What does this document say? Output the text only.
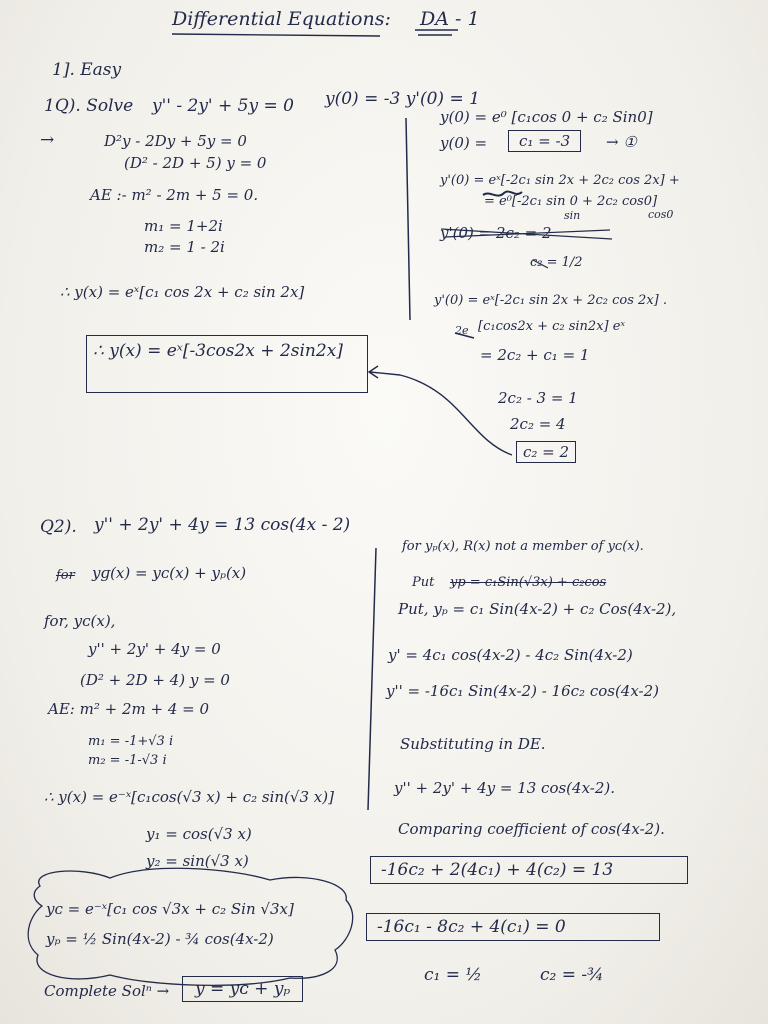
Differential Equations: DA - 1
1]. Easy
1Q). Solve y'' - 2y' + 5y = 0 y(0) = -3 y'(0) = 1
→	D²y - 2Dy + 5y = 0
(D² - 2D + 5) y = 0
AE :- m² - 2m + 5 = 0.
m₁ = 1+2i
m₂ = 1 - 2i
∴ y(x) = eˣ[c₁ cos 2x + c₂ sin 2x]
∴ y(x) = eˣ[-3cos2x + 2sin2x]
y(0) = e⁰ [c₁cos 0 + c₂ Sin0]
y(0) =	c₁ = -3	→ ①
y'(0) = eˣ[-2c₁ sin 2x + 2c₂ cos 2x] +
= e⁰[-2c₁ sin 0 + 2c₂ cos0]
sin	cos0
y'(0) = 2c₂ = 2
c₂ = 1/2
y'(0) = eˣ[-2c₁ sin 2x + 2c₂ cos 2x] .
2e [c₁cos2x + c₂ sin2x] eˣ
= 2c₂ + c₁ = 1
2c₂ - 3 = 1
2c₂ = 4
c₂ = 2
Q2). y'' + 2y' + 4y = 13 cos(4x - 2)
for yɡ(x) = yᴄ(x) + yₚ(x)
for, yᴄ(x),
y'' + 2y' + 4y = 0
(D² + 2D + 4) y = 0
AE: m² + 2m + 4 = 0
m₁ = -1+√3 i
m₂ = -1-√3 i
∴ y(x) = e⁻ˣ[c₁cos(√3 x) + c₂ sin(√3 x)]
y₁ = cos(√3 x)
y₂ = sin(√3 x)
yᴄ = e⁻ˣ[c₁ cos √3x + c₂ Sin √3x]
yₚ = ½ Sin(4x-2) - ¾ cos(4x-2)
Complete Solⁿ →	y = yᴄ + yₚ
for yₚ(x), R(x) not a member of yᴄ(x).
Put yp = c₁Sin(√3x) + c₂cos
Put, yₚ = c₁ Sin(4x-2) + c₂ Cos(4x-2),
y' = 4c₁ cos(4x-2) - 4c₂ Sin(4x-2)
y'' = -16c₁ Sin(4x-2) - 16c₂ cos(4x-2)
Substituting in DE.
y'' + 2y' + 4y = 13 cos(4x-2).
Comparing coefficient of cos(4x-2).
-16c₂ + 2(4c₁) + 4(c₂) = 13
-16c₁ - 8c₂ + 4(c₁) = 0
c₁ = ½	c₂ = -¾
